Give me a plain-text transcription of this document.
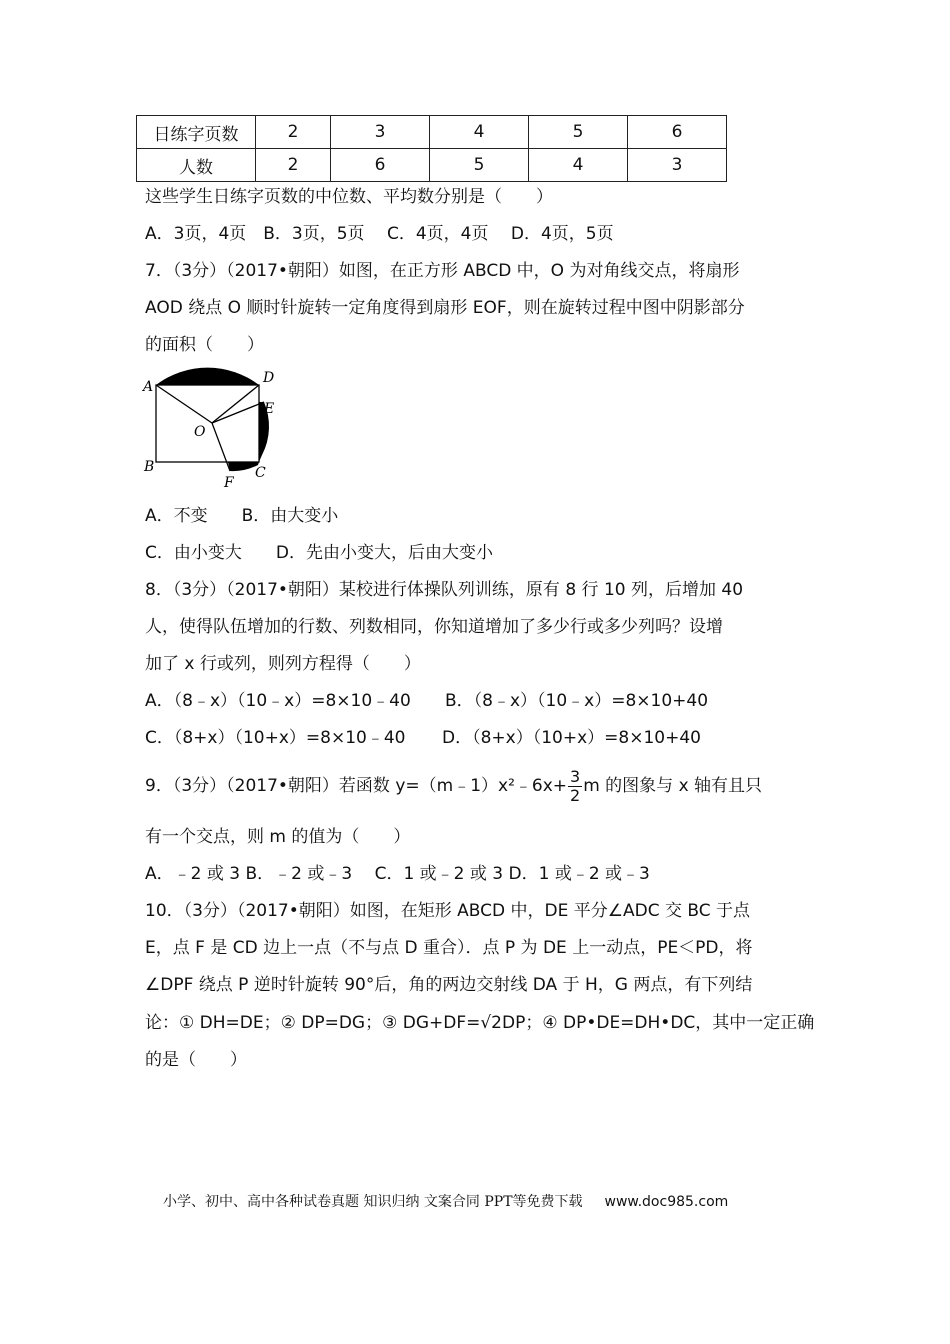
日练字页数	2	3	4	5	6
人数	2	6	5	4	3
这些学生日练字页数的中位数、平均数分别是（　　）
A．3页，4页　B．3页，5页　 C．4页，4页　 D．4页，5页
7．（3分）（2017•朝阳）如图，在正方形 ABCD 中，O 为对角线交点，将扇形
AOD 绕点 O 顺时针旋转一定角度得到扇形 EOF，则在旋转过程中图中阴影部分
的面积（　　）
A
D
E
O
B	C
F
A．不变　　B．由大变小
C．由小变大　　D．先由小变大，后由大变小
8．（3分）（2017•朝阳）某校进行体操队列训练，原有 8 行 10 列，后增加 40
人，使得队伍增加的行数、列数相同，你知道增加了多少行或多少列吗？设增
加了 x 行或列，则列方程得（　　）
A．（8﹣x）（10﹣x）=8×10﹣40 B．（8﹣x）（10﹣x）=8×10+40
C．（8+x）（10+x）=8×10﹣40 D．（8+x）（10+x）=8×10+40
9．（3分）（2017•朝阳）若函数 y=（m﹣1）x²﹣6x+ $\frac{3}{2}$ m 的图象与 x 轴有且只
有一个交点，则 m 的值为（　　）
A．﹣2 或 3 B．﹣2 或﹣3　 C．1 或﹣2 或 3 D．1 或﹣2 或﹣3
10．（3分）（2017•朝阳）如图，在矩形 ABCD 中，DE 平分∠ADC 交 BC 于点
E，点 F 是 CD 边上一点（不与点 D 重合）．点 P 为 DE 上一动点，PE＜PD，将
∠DPF 绕点 P 逆时针旋转 90°后，角的两边交射线 DA 于 H，G 两点，有下列结
论：① DH=DE；② DP=DG；③ DG+DF=√2DP；④ DP•DE=DH•DC，其中一定正确
的是（　　）
小学、初中、高中各种试卷真题 知识归纳 文案合同 PPT等免费下载 www.doc985.com
